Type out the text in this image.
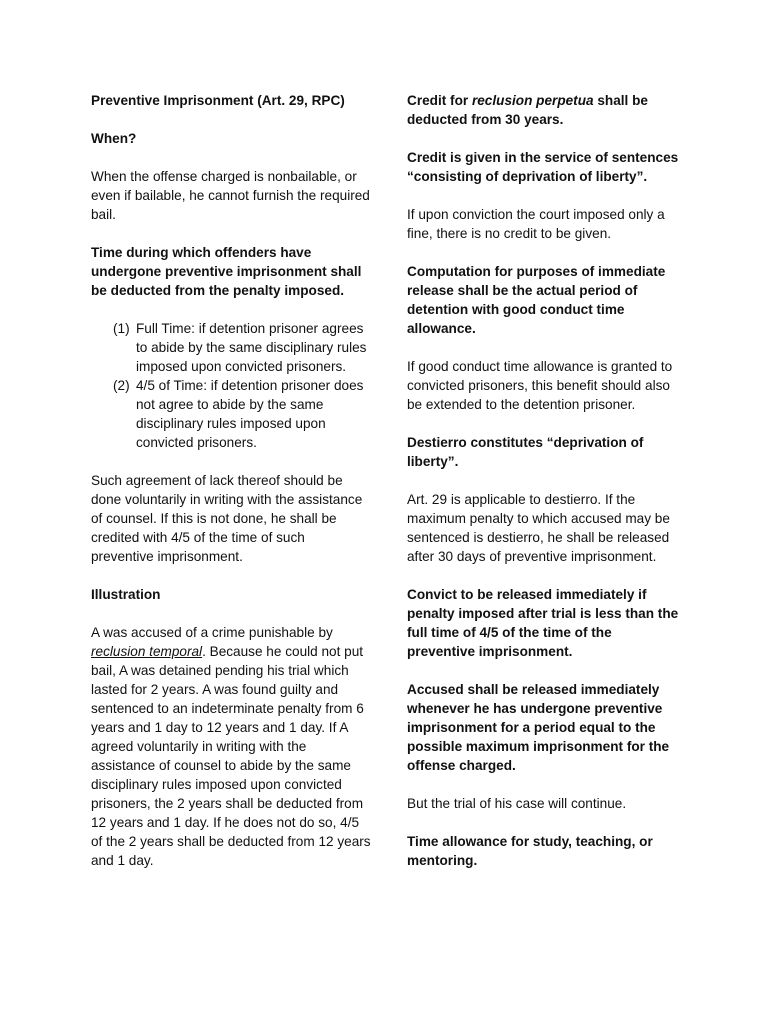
Preventive Imprisonment (Art. 29, RPC)

When?

When the offense charged is nonbailable, or even if bailable, he cannot furnish the required bail.

Time during which offenders have undergone preventive imprisonment shall be deducted from the penalty imposed.

(1) Full Time: if detention prisoner agrees to abide by the same disciplinary rules imposed upon convicted prisoners.
(2) 4/5 of Time: if detention prisoner does not agree to abide by the same disciplinary rules imposed upon convicted prisoners.

Such agreement of lack thereof should be done voluntarily in writing with the assistance of counsel. If this is not done, he shall be credited with 4/5 of the time of such preventive imprisonment.

Illustration

A was accused of a crime punishable by reclusion temporal. Because he could not put bail, A was detained pending his trial which lasted for 2 years. A was found guilty and sentenced to an indeterminate penalty from 6 years and 1 day to 12 years and 1 day. If A agreed voluntarily in writing with the assistance of counsel to abide by the same disciplinary rules imposed upon convicted prisoners, the 2 years shall be deducted from 12 years and 1 day. If he does not do so, 4/5 of the 2 years shall be deducted from 12 years and 1 day.

Credit for reclusion perpetua shall be deducted from 30 years.

Credit is given in the service of sentences “consisting of deprivation of liberty”.

If upon conviction the court imposed only a fine, there is no credit to be given.

Computation for purposes of immediate release shall be the actual period of detention with good conduct time allowance.

If good conduct time allowance is granted to convicted prisoners, this benefit should also be extended to the detention prisoner.

Destierro constitutes “deprivation of liberty”.

Art. 29 is applicable to destierro. If the maximum penalty to which accused may be sentenced is destierro, he shall be released after 30 days of preventive imprisonment.

Convict to be released immediately if penalty imposed after trial is less than the full time of 4/5 of the time of the preventive imprisonment.

Accused shall be released immediately whenever he has undergone preventive imprisonment for a period equal to the possible maximum imprisonment for the offense charged.

But the trial of his case will continue.

Time allowance for study, teaching, or mentoring.
